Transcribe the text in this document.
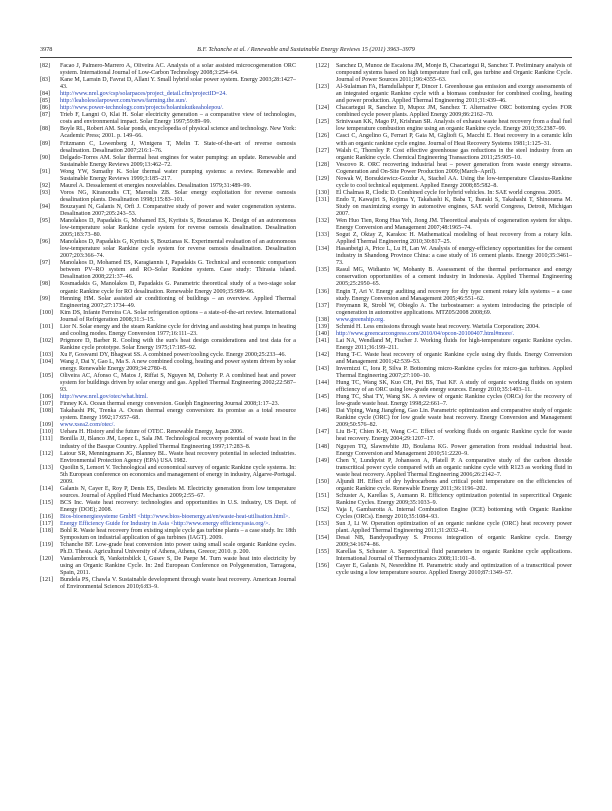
3978	B.F. Tchanche et al. / Renewable and Sustainable Energy Reviews 15 (2011) 3963–3979

[82] Facao J, Palmero-Marrero A, Oliveira AC. Analysis of a solar assisted microcogeneration ORC system. International Journal of Low-Carbon Technology 2008;3:254–64.

[83] Kane M, Larrain D, Favrat D, Allani Y. Small hybrid solar power system. Energy 2003;28:1427–43.

[84] http://www.nrel.gov/csp/solarpaces/project_detail.cfm/projectID=24.

[85] http://leaholesolarpower.com/news/farming.the.sun/.

[86] http://www.power-technology.com/projects/holaniukutkeaholepou/.

[87] Trieb F, Langni O, Klai H. Solar electricity generation – a comparative view of technologies, costs and environmental impact. Solar Energy 1997;59:89–99.

[88] Boyle RL, Robert AM. Solar ponds, encyclopedia of physical science and technology. New York: Academic Press; 2001. p. 149–66.

[89] Fritzmann C, Lowenberg J, Wintgens T, Melin T. State-of-the-art of reverse osmosis desalination. Desalination 2007;216:1–76.

[90] Delgado-Torres AM. Solar thermal heat engines for water pumping: an update. Renewable and Sustainable Energy Reviews 2009;13:462–72.

[91] Wong YW, Sumathy K. Solar thermal water pumping systems: a review. Renewable and Sustainable Energy Reviews 1999;3:185–217.

[92] Maurel A. Dessalement et energies nouvelables. Desalination 1979;31:489–99.

[93] Voros NG, Kiranoudis CT, Maroulis ZB. Solar energy exploitation for reverse osmosis desalination plants. Desalination 1998;115:83–101.

[94] Bouzayani N, Galanis N, Orfi J. Comparative study of power and water cogeneration systems. Desalination 2007;205:243–53.

[95] Manolakos D, Papadakis G, Mohamed ES, Kyritsis S, Bouzianas K. Design of an autonomous low-temperature solar Rankine cycle system for reverse osmosis desalination. Desalination 2005;183:73–80.

[96] Manolakos D, Papadakis G, Kyritsis S, Bouzianas K. Experimental evaluation of an autonomous low-temperature solar Rankine cycle system for reverse osmosis desalination. Desalination 2007;203:366–74.

[97] Manolakos D, Mohamed ES, Karagiannis I, Papadakis G. Technical and economic comparison between PV–RO system and RO–Solar Rankine system. Case study: Thirasia island. Desalination 2008;221:37–46.

[98] Kosmadakis G, Manolakos D, Papadakis G. Parametric theoretical study of a two-stage solar organic Rankine cycle for RO desalination. Renewable Energy 2009;35:989–96.

[99] Henning HM. Solar assisted air conditioning of buildings – an overview. Applied Thermal Engineering 2007;27:1734–49.

[100] Kim DS, Infante Ferreira CA. Solar refrigeration options – a state-of-the-art review. International Journal of Refrigeration 2008;31:3–15.

[101] Lior N. Solar energy and the steam Rankine cycle for driving and assisting heat pumps in heating and cooling modes. Energy Conversion 1977;16:111–23.

[102] Prigmore D, Barber R. Cooling with the sun's heat design considerations and test data for a Rankine cycle prototype. Solar Energy 1975;17:185–92.

[103] Xu F, Goswami DY, Bhagwat SS. A combined power/cooling cycle. Energy 2000;25:233–46.

[104] Wang J, Dai Y, Gao L, Ma S. A new combined cooling, heating and power system driven by solar energy. Renewable Energy 2009;34:2780–8.

[105] Oliveira AC, Afonso C, Matos J, Riffat S, Nguyen M, Doherty P. A combined heat and power system for buildings driven by solar energy and gas. Applied Thermal Engineering 2002;22:587–93.

[106] http://www.nrel.gov/otec/what.html.

[107] Finney KA. Ocean thermal energy conversion. Guelph Engineering Journal 2008;1:17–23.

[108] Takahashi PK, Trenka A. Ocean thermal energy conversion: its promise as a total resource system. Energy 1992;17:657–68.

[109] www.xsea2.com/otec/.

[110] Uehara H. History and the future of OTEC. Renewable Energy, Japan 2006.

[111] Bonilla JJ, Blanco JM, Lopez L, Sala JM. Technological recovery potential of waste heat in the industry of the Basque Country. Applied Thermal Engineering 1997;17:283–8.

[112] Latour SR, Menningmann JG, Blanney BL. Waste heat recovery potential in selected industries. Environmental Protection Agency (EPA) USA 1982.

[113] Quoilin S, Lemort V. Technological and economical survey of organic Rankine cycle systems. In: 5th European conference on economics and management of energy in industry, Algarve-Portugal. 2009.

[114] Galanis N, Cayer E, Roy P, Denis ES, Desilets M. Electricity generation from low temperature sources. Journal of Applied Fluid Mechanics 2009;2:55–67.

[115] BCS Inc. Waste heat recovery: technologies and opportunities in U.S. industry, US Dept. of Energy (DOE); 2008.

[116] Bios-bioenergiesysteme GmbH <http://www.bios-bioenergy.at/en/waste-heat-utilisation.html>.

[117] Energy Efficiency Guide for Industry in Asia <http://www.energy efficiencyasia.org/>.

[118] Bohl R. Waste heat recovery from existing simple cycle gas turbine plants – a case study. In: 18th Symposium on industrial application of gas turbines (IAGT). 2009.

[119] Tchanche BF. Low-grade heat conversion into power using small scale organic Rankine cycles. Ph.D. Thesis. Agricultural University of Athens, Athens, Greece; 2010. p. 200.

[120] Vanslambrouck B, Vankeirsbilck I, Gusev S, De Paepe M. Turn waste heat into electricity by using an Organic Rankine Cycle. In: 2nd European Conference on Polygeneration, Tarragona, Spain, 2011.

[121] Bundela PS, Chawla V. Sustainable development through waste heat recovery. American Journal of Environmental Sciences 2010;6:83–9.

[122] Sanchez D, Munoz de Escalona JM, Monje B, Chacartegui R, Sanchez T. Preliminary analysis of compound systems based on high temperature fuel cell, gas turbine and Organic Rankine Cycle. Journal of Power Sources 2011;196:4355–63.

[123] Al-Sulaiman FA, Hamdullahpur F, Dincer I. Greenhouse gas emission and exergy assessments of an integrated organic Rankine cycle with a biomass combustor for combined cooling, heating and power production. Applied Thermal Engineering 2011;31:439–46.

[124] Chacartegui R, Sanchez D, Mupoz JM, Sanchez T. Alternative ORC bottoming cycles FOR combined cycle power plants. Applied Energy 2009;86:2162–70.

[125] Srinivasan KK, Mago PJ, Krishnan SR. Analysis of exhaust waste heat recovery from a dual fuel low temperature combustion engine using an organic Rankine cycle. Energy 2010;35:2387–99.

[126] Casci C, Angelino G, Ferrari P, Gaia M, Gigliofi G, Macchi E. Heat recovery in a ceramic kiln with an organic rankine cycle engine. Journal of Heat Recovery Systems 1981;1:125–31.

[127] Walsh C, Thornley P. Cost effective greenhouse gas reductions in the steel industry from an organic Rankine cycle. Chemical Engineering Transactions 2011;25:905–10.

[128] Vescovo R. ORC recovering industrial heat – power generation from waste energy streams. Cogeneration and On-Site Power Production 2009;(March–April).

[129] Nowak W, Borsukiewicz-Gozdur A, Stachel AA. Using the low-temperature Clausius-Rankine cycle to cool technical equipment. Applied Energy 2008;85:582–8.

[130] El Chalmas R, Clodic D. Combined cycle for hybrid vehicles. In: SAE world congress. 2005.

[131] Endo T, Kawajiri S, Kojima Y, Takahashi K, Baba T, Ibaraki S, Takahashi T, Shinorama M. Study on maximizing exergy in automotive engines, SAE world Congress, Detroit, Michigan 2007.

[132] Wen Huo Tien, Rong Hua Yeh, Jiong JM. Theoretical analysis of cogeneration system for ships. Energy Conversion and Management 2007;48:1965–74.

[133] Sogut Z, Oktay Z, Karakoc H. Mathematical modeling of heat recovery from a rotary kiln. Applied Thermal Engineering 2010;30:817–25.

[134] Hasanbeigi A, Price L, Lu H, Lan W. Analysis of energy-efficiency opportunities for the cement industry in Shandong Province China: a case study of 16 cement plants. Energy 2010;35:3461–73.

[135] Rasul MG, Widianto W, Mohanty B. Assessment of the thermal performance and energy conservation opportunities of a cement industry in Indonesia. Applied Thermal Engineering 2005;25:2950–65.

[136] Engin T, Ari V. Energy auditing and recovery for dry type cement rotary kiln systems – a case study. Energy Conversion and Management 2005;46:551–62.

[137] Freymann R, Strobl W, Obieglo A. The turbosteamer: a system introducing the principle of cogeneration in automotive applications. MTZ05/2008 2008;69.

[138] www.greenship.org.

[139] Schmid H. Less emissions through waste heat recovery. Wartsila Corporation; 2004.

[140] http://www.greencarcongress.com/2010/04/opcon-20100407.html#more/.

[141] Lai NA, Wendland M, Fischer J. Working fluids for high-temperature organic Rankine cycles. Energy 2011;36:199–211.

[142] Hung T-C. Waste heat recovery of organic Rankine cycle using dry fluids. Energy Conversion and Management 2001;42:539–53.

[143] Invernizzi C, Iora P, Silva P. Bottoming micro-Rankine cycles for micro-gas turbines. Applied Thermal Engineering 2007;27:100–10.

[144] Hung TC, Wang SK, Kuo CH, Pei BS, Tsai KF. A study of organic working fluids on system efficiency of an ORC using low-grade energy sources. Energy 2010;35:1403–11.

[145] Hung TC, Shai TY, Wang SK. A review of organic Rankine cycles (ORCs) for the recovery of low-grade waste heat. Energy 1998;22:661–7.

[146] Dai Yiping, Wang Jiangfeng, Gao Lin. Parametric optimization and comparative study of organic Rankine cycle (ORC) for low grade waste heat recovery. Energy Conversion and Management 2009;50:576–82.

[147] Liu B-T, Chien K-H, Wang C-C. Effect of working fluids on organic Rankine cycle for waste heat recovery. Energy 2004;29:1207–17.

[148] Nguyen TQ, Slawnwhite JD, Boulama KG. Power generation from residual industrial heat. Energy Conversion and Management 2010;51:2220–9.

[149] Chen Y, Lundqvist P, Johansson A, Platell P. A comparative study of the carbon dioxide transcritical power cycle compared with an organic rankine cycle with R123 as working fluid in waste heat recovery. Applied Thermal Engineering 2006;26:2142–7.

[150] Aljundi IH. Effect of dry hydrocarbons and critical point temperature on the efficiencies of organic Rankine cycle. Renewable Energy 2011;36:1196–202.

[151] Schuster A, Karellas S, Aumann R. Efficiency optimization potential in supercritical Organic Rankine Cycles. Energy 2009;35:1033–9.

[152] Vaja I, Gambarotta A. Internal Combustion Engine (ICE) bottoming with Organic Rankine Cycles (ORCs). Energy 2010;35:1084–93.

[153] Sun J, Li W. Operation optimization of an organic rankine cycle (ORC) heat recovery power plant. Applied Thermal Engineering 2011;31:2032–41.

[154] Desai NB, Bandyopadhyay S. Process integration of organic Rankine cycle. Energy 2009;34:1674–86.

[155] Karellas S, Schuster A. Supercritical fluid parameters in organic Rankine cycle applications. International Journal of Thermodynamics 2008;11:101–8.

[156] Cayer E, Galanis N, Nesreddine H. Parametric study and optimization of a transcritical power cycle using a low temperature source. Applied Energy 2010;87:1349–57.
